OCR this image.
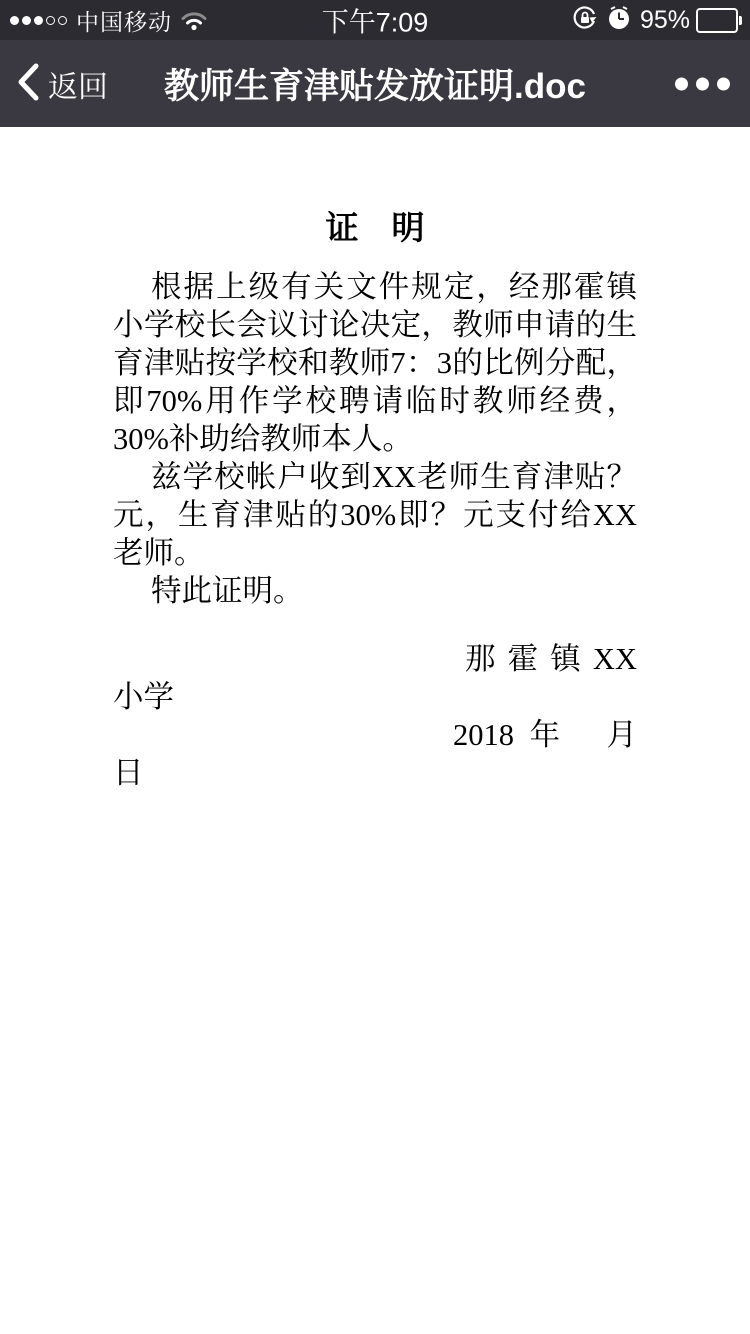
中国移动	下午7:09	95%
返回 教师生育津贴发放证明.doc
证　明

根据上级有关文件规定，经那霍镇小学校长会议讨论决定，教师申请的生育津贴按学校和教师7：3的比例分配，即70%用作学校聘请临时教师经费，30%补助给教师本人。

兹学校帐户收到XX老师生育津贴？元，生育津贴的30%即？元支付给XX老师。

特此证明。

那霍镇XX

小学

2018 年　月

日
